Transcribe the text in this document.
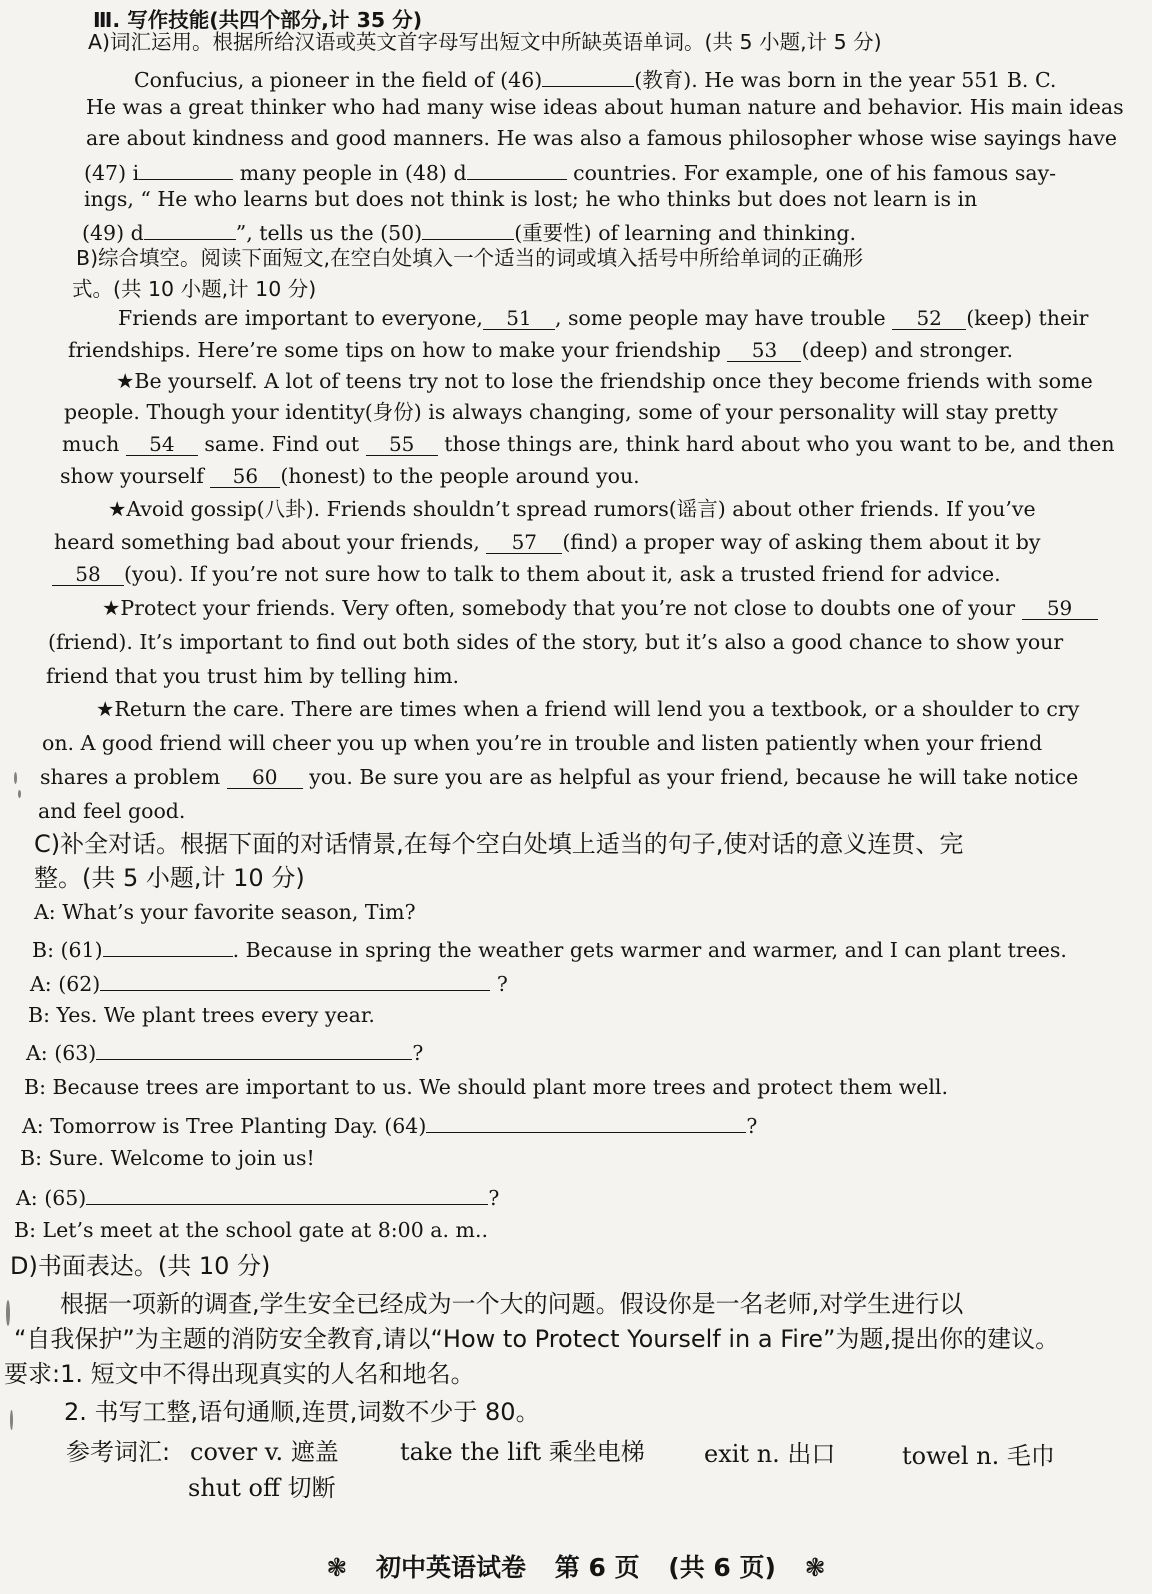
Ⅲ. 写作技能(共四个部分,计 35 分)
A)词汇运用。根据所给汉语或英文首字母写出短文中所缺英语单词。(共 5 小题,计 5 分)
Confucius, a pioneer in the field of (46)	(教育). He was born in the year 551 B. C.
He was a great thinker who had many wise ideas about human nature and behavior. His main ideas
are about kindness and good manners. He was also a famous philosopher whose wise sayings have
(47) i	many people in (48) d	countries. For example, one of his famous say-
ings, “ He who learns but does not think is lost; he who thinks but does not learn is in
(49) d	”, tells us the (50)	(重要性) of learning and thinking.
B)综合填空。阅读下面短文,在空白处填入一个适当的词或填入括号中所给单词的正确形
式。(共 10 小题,计 10 分)
Friends are important to everyone, 51 , some people may have trouble 52 (keep) their
friendships. Here’re some tips on how to make your friendship 53 (deep) and stronger.
★Be yourself. A lot of teens try not to lose the friendship once they become friends with some
people. Though your identity(身份) is always changing, some of your personality will stay pretty
much 54 same. Find out 55 those things are, think hard about who you want to be, and then
show yourself 56 (honest) to the people around you.
★Avoid gossip(八卦). Friends shouldn’t spread rumors(谣言) about other friends. If you’ve
heard something bad about your friends, 57 (find) a proper way of asking them about it by
58 (you). If you’re not sure how to talk to them about it, ask a trusted friend for advice.
★Protect your friends. Very often, somebody that you’re not close to doubts one of your 59
(friend). It’s important to find out both sides of the story, but it’s also a good chance to show your
friend that you trust him by telling him.
★Return the care. There are times when a friend will lend you a textbook, or a shoulder to cry
on. A good friend will cheer you up when you’re in trouble and listen patiently when your friend
shares a problem 60 you. Be sure you are as helpful as your friend, because he will take notice
and feel good.
C)补全对话。根据下面的对话情景,在每个空白处填上适当的句子,使对话的意义连贯、完
整。(共 5 小题,计 10 分)
A: What’s your favorite season, Tim?
B: (61)	. Because in spring the weather gets warmer and warmer, and I can plant trees.
A: (62)	?
B: Yes. We plant trees every year.
A: (63)	?
B: Because trees are important to us. We should plant more trees and protect them well.
A: Tomorrow is Tree Planting Day. (64)	?
B: Sure. Welcome to join us!
A: (65)	?
B: Let’s meet at the school gate at 8:00 a. m..
D)书面表达。(共 10 分)
根据一项新的调查,学生安全已经成为一个大的问题。假设你是一名老师,对学生进行以
“自我保护”为主题的消防安全教育,请以“How to Protect Yourself in a Fire”为题,提出你的建议。
要求:1. 短文中不得出现真实的人名和地名。
2. 书写工整,语句通顺,连贯,词数不少于 80。
参考词汇: cover v. 遮盖	take the lift 乘坐电梯 exit n. 出口	towel n. 毛巾
shut off 切断
❃ 初中英语试卷 第 6 页 (共 6 页) ❃
